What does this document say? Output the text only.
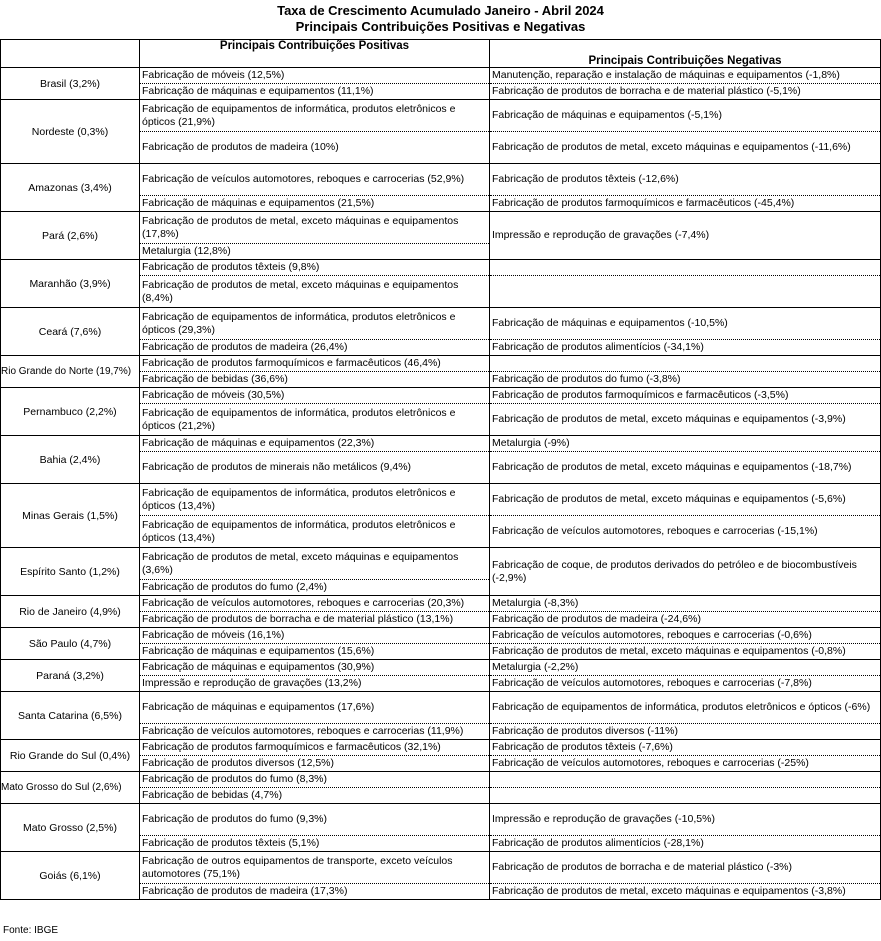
Taxa de Crescimento Acumulado Janeiro - Abril 2024
Principais Contribuições Positivas e Negativas
	Principais Contribuições Positivas	Principais Contribuições Negativas
Brasil (3,2%)	Fabricação de móveis (12,5%)	Manutenção, reparação e instalação de máquinas e equipamentos (-1,8%)
	Fabricação de máquinas e equipamentos (11,1%)	Fabricação de produtos de borracha e de material plástico (-5,1%)
Nordeste (0,3%)	Fabricação de equipamentos de informática, produtos eletrônicos e ópticos (21,9%)	Fabricação de máquinas e equipamentos (-5,1%)
	Fabricação de produtos de madeira (10%)	Fabricação de produtos de metal, exceto máquinas e equipamentos (-11,6%)
Amazonas (3,4%)	Fabricação de veículos automotores, reboques e carrocerias (52,9%)	Fabricação de produtos têxteis (-12,6%)
	Fabricação de máquinas e equipamentos (21,5%)	Fabricação de produtos farmoquímicos e farmacêuticos (-45,4%)
Pará (2,6%)	Fabricação de produtos de metal, exceto máquinas e equipamentos (17,8%)	Impressão e reprodução de gravações (-7,4%)
	Metalurgia (12,8%)	
Maranhão (3,9%)	Fabricação de produtos têxteis (9,8%)	
	Fabricação de produtos de metal, exceto máquinas e equipamentos (8,4%)	
Ceará (7,6%)	Fabricação de equipamentos de informática, produtos eletrônicos e ópticos (29,3%)	Fabricação de máquinas e equipamentos (-10,5%)
	Fabricação de produtos de madeira (26,4%)	Fabricação de produtos alimentícios (-34,1%)
Rio Grande do Norte (19,7%)	Fabricação de produtos farmoquímicos e farmacêuticos (46,4%)	
	Fabricação de bebidas (36,6%)	Fabricação de produtos do fumo (-3,8%)
Pernambuco (2,2%)	Fabricação de móveis (30,5%)	Fabricação de produtos farmoquímicos e farmacêuticos (-3,5%)
	Fabricação de equipamentos de informática, produtos eletrônicos e ópticos (21,2%)	Fabricação de produtos de metal, exceto máquinas e equipamentos (-3,9%)
Bahia (2,4%)	Fabricação de máquinas e equipamentos (22,3%)	Metalurgia (-9%)
	Fabricação de produtos de minerais não metálicos (9,4%)	Fabricação de produtos de metal, exceto máquinas e equipamentos (-18,7%)
Minas Gerais (1,5%)	Fabricação de equipamentos de informática, produtos eletrônicos e ópticos (13,4%)	Fabricação de produtos de metal, exceto máquinas e equipamentos (-5,6%)
	Fabricação de equipamentos de informática, produtos eletrônicos e ópticos (13,4%)	Fabricação de veículos automotores, reboques e carrocerias (-15,1%)
Espírito Santo (1,2%)	Fabricação de produtos de metal, exceto máquinas e equipamentos (3,6%)	Fabricação de coque, de produtos derivados do petróleo e de biocombustíveis (-2,9%)
	Fabricação de produtos do fumo (2,4%)	
Rio de Janeiro (4,9%)	Fabricação de veículos automotores, reboques e carrocerias (20,3%)	Metalurgia (-8,3%)
	Fabricação de produtos de borracha e de material plástico (13,1%)	Fabricação de produtos de madeira (-24,6%)
São Paulo (4,7%)	Fabricação de móveis (16,1%)	Fabricação de veículos automotores, reboques e carrocerias (-0,6%)
	Fabricação de máquinas e equipamentos (15,6%)	Fabricação de produtos de metal, exceto máquinas e equipamentos (-0,8%)
Paraná (3,2%)	Fabricação de máquinas e equipamentos (30,9%)	Metalurgia (-2,2%)
	Impressão e reprodução de gravações (13,2%)	Fabricação de veículos automotores, reboques e carrocerias (-7,8%)
Santa Catarina (6,5%)	Fabricação de máquinas e equipamentos (17,6%)	Fabricação de equipamentos de informática, produtos eletrônicos e ópticos (-6%)
	Fabricação de veículos automotores, reboques e carrocerias (11,9%)	Fabricação de produtos diversos (-11%)
Rio Grande do Sul (0,4%)	Fabricação de produtos farmoquímicos e farmacêuticos (32,1%)	Fabricação de produtos têxteis (-7,6%)
	Fabricação de produtos diversos (12,5%)	Fabricação de veículos automotores, reboques e carrocerias (-25%)
Mato Grosso do Sul (2,6%)	Fabricação de produtos do fumo (8,3%)	
	Fabricação de bebidas (4,7%)	
Mato Grosso (2,5%)	Fabricação de produtos do fumo (9,3%)	Impressão e reprodução de gravações (-10,5%)
	Fabricação de produtos têxteis (5,1%)	Fabricação de produtos alimentícios (-28,1%)
Goiás (6,1%)	Fabricação de outros equipamentos de transporte, exceto veículos automotores (75,1%)	Fabricação de produtos de borracha e de material plástico (-3%)
	Fabricação de produtos de madeira (17,3%)	Fabricação de produtos de metal, exceto máquinas e equipamentos (-3,8%)
Fonte: IBGE
